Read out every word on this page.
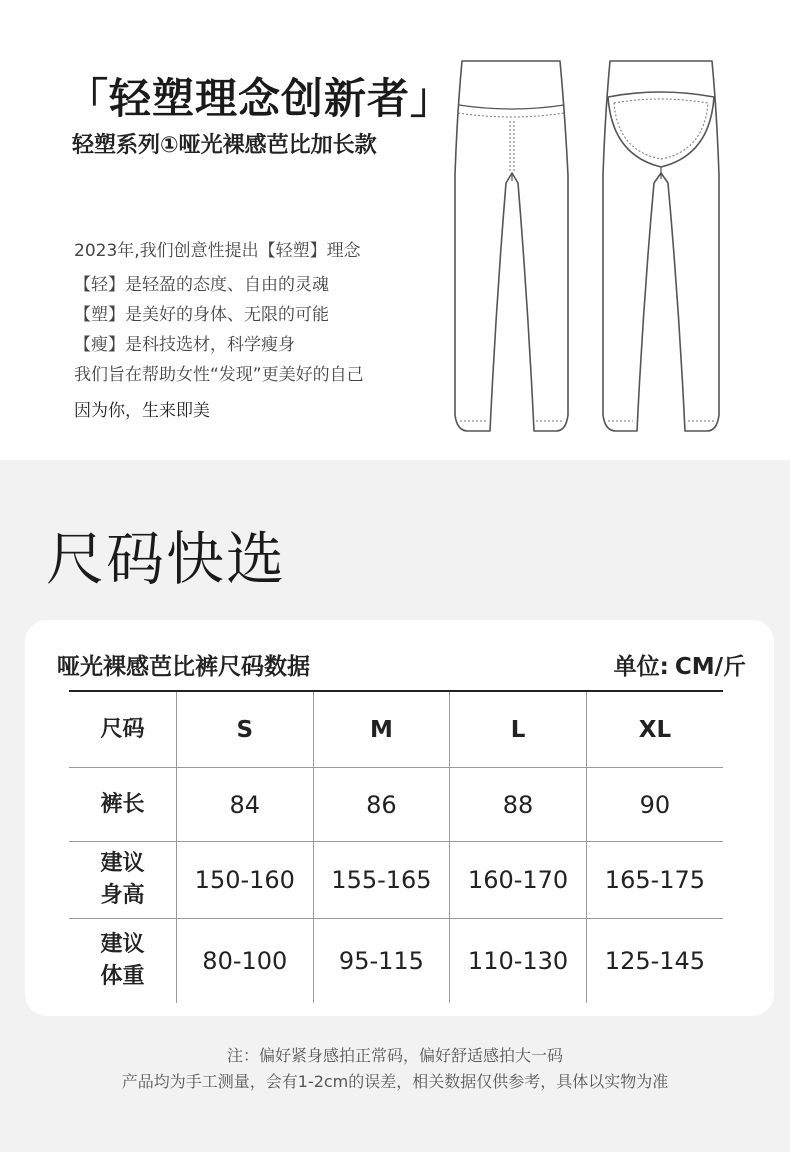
「轻塑理念创新者」
轻塑系列①哑光裸感芭比加长款
2023年,我们创意性提出【轻塑】理念
【轻】是轻盈的态度、自由的灵魂
【塑】是美好的身体、无限的可能
【瘦】是科技选材，科学瘦身
我们旨在帮助女性“发现”更美好的自己
因为你，生来即美
尺码快选
哑光裸感芭比裤尺码数据	单位: CM/斤
尺码	S	M	L	XL

裤长	84	86	88	90

建议
身高	150-160	155-165	160-170	165-175

建议
体重	80-100	95-115	110-130	125-145
注：偏好紧身感拍正常码，偏好舒适感拍大一码
产品均为手工测量，会有1-2cm的误差，相关数据仅供参考，具体以实物为准
